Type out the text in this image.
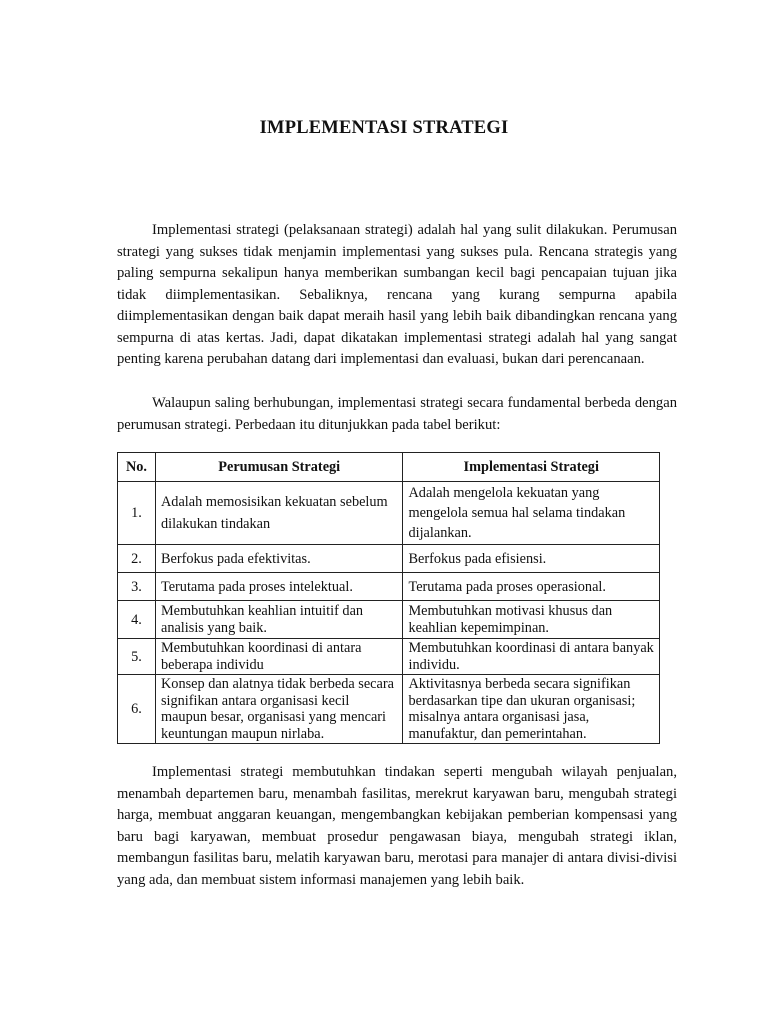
IMPLEMENTASI STRATEGI

Implementasi strategi (pelaksanaan strategi) adalah hal yang sulit dilakukan. Perumusan strategi yang sukses tidak menjamin implementasi yang sukses pula. Rencana strategis yang paling sempurna sekalipun hanya memberikan sumbangan kecil bagi pencapaian tujuan jika tidak diimplementasikan. Sebaliknya, rencana yang kurang sempurna apabila diimplementasikan dengan baik dapat meraih hasil yang lebih baik dibandingkan rencana yang sempurna di atas kertas. Jadi, dapat dikatakan implementasi strategi adalah hal yang sangat penting karena perubahan datang dari implementasi dan evaluasi, bukan dari perencanaan.

Walaupun saling berhubungan, implementasi strategi secara fundamental berbeda dengan perumusan strategi. Perbedaan itu ditunjukkan pada tabel berikut:

No.	Perumusan Strategi	Implementasi Strategi
1.	Adalah memosisikan kekuatan sebelum dilakukan tindakan	Adalah mengelola kekuatan yang mengelola semua hal selama tindakan dijalankan.
2.	Berfokus pada efektivitas.	Berfokus pada efisiensi.
3.	Terutama pada proses intelektual.	Terutama pada proses operasional.
4.	Membutuhkan keahlian intuitif dan analisis yang baik.	Membutuhkan motivasi khusus dan keahlian kepemimpinan.
5.	Membutuhkan koordinasi di antara beberapa individu	Membutuhkan koordinasi di antara banyak individu.
6.	Konsep dan alatnya tidak berbeda secara signifikan antara organisasi kecil maupun besar, organisasi yang mencari keuntungan maupun nirlaba.	Aktivitasnya berbeda secara signifikan berdasarkan tipe dan ukuran organisasi; misalnya antara organisasi jasa, manufaktur, dan pemerintahan.

Implementasi strategi membutuhkan tindakan seperti mengubah wilayah penjualan, menambah departemen baru, menambah fasilitas, merekrut karyawan baru, mengubah strategi harga, membuat anggaran keuangan, mengembangkan kebijakan pemberian kompensasi yang baru bagi karyawan, membuat prosedur pengawasan biaya, mengubah strategi iklan, membangun fasilitas baru, melatih karyawan baru, merotasi para manajer di antara divisi-divisi yang ada, dan membuat sistem informasi manajemen yang lebih baik.
